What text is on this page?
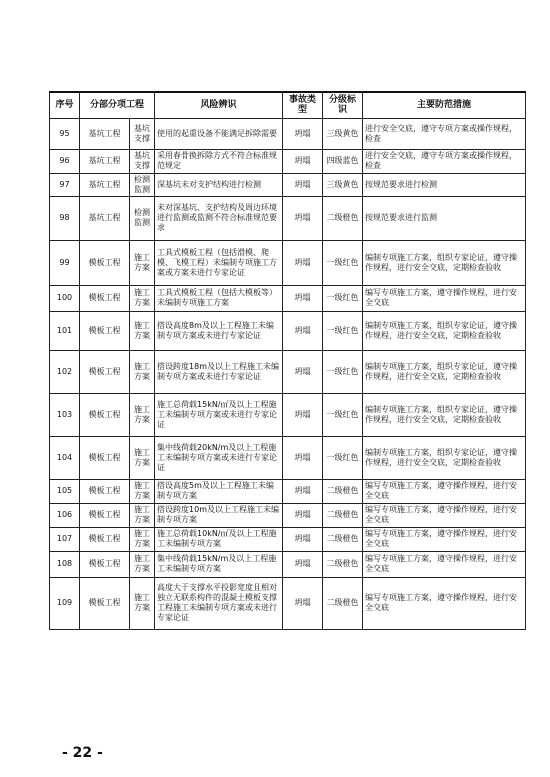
序号	分部分项工程		风险辨识	事故类型	分级标识	主要防范措施
95	基坑工程	基坑支撑	使用的起重设备不能满足拆除需要	坍塌	三级黄色	进行安全交底，遵守专项方案或操作规程，检查
96	基坑工程	基坑支撑	采用春骨换拆除方式不符合标准规范规定	坍塌	四级蓝色	进行安全交底，遵守专项方案或操作规程，检查
97	基坑工程	检测监测	深基坑未对支护结构进行检测	坍塌	三级黄色	按规范要求进行检测
98	基坑工程	检测监测	未对深基坑、支护结构及周边环境进行监测或监测不符合标准规范要求	坍塌	二级橙色	按规范要求进行监测
99	模板工程	施工方案	工具式模板工程（包括滑模、爬模、飞模工程）未编制专项施工方案或方案未进行专家论证	坍塌	一级红色	编制专项施工方案，组织专家论证，遵守操作规程，进行安全交底，定期检查验收
100	模板工程	施工方案	工具式模板工程（包括大模板等）未编制专项施工方案	坍塌	一级红色	编写专项施工方案，遵守操作规程，进行安全交底
101	模板工程	施工方案	搭设高度8m及以上工程施工未编制专项方案或未进行专家论证	坍塌	一级红色	编制专项施工方案，组织专家论证，遵守操作规程，进行安全交底，定期检查验收
102	模板工程	施工方案	搭设跨度18m及以上工程施工未编制专项方案或未进行专家论证	坍塌	一级红色	编制专项施工方案，组织专家论证，遵守操作规程，进行安全交底，定期检查验收
103	模板工程	施工方案	施工总荷载15kN/㎡及以上工程施工未编制专项方案或未进行专家论证	坍塌	一级红色	编制专项施工方案，组织专家论证，遵守操作规程，进行安全交底，定期检查验收
104	模板工程	施工方案	集中线荷载20kN/m及以上工程施工未编制专项方案或未进行专家论证	坍塌	一级红色	编制专项施工方案，组织专家论证，遵守操作规程，进行安全交底，定期检查验收
105	模板工程	施工方案	搭设高度5m及以上工程施工未编制专项方案	坍塌	二级橙色	编写专项施工方案，遵守操作规程，进行安全交底
106	模板工程	施工方案	搭设跨度10m及以上工程施工未编制专项方案	坍塌	二级橙色	编写专项施工方案，遵守操作规程，进行安全交底
107	模板工程	施工方案	施工总荷载10kN/㎡及以上工程施工未编制专项方案	坍塌	二级橙色	编写专项施工方案，遵守操作规程，进行安全交底
108	模板工程	施工方案	集中线荷载15kN/m及以上工程施工未编制专项方案	坍塌	二级橙色	编写专项施工方案，遵守操作规程，进行安全交底
109	模板工程	施工方案	高度大于支撑水平投影宽度且相对独立无联系构件的混凝土模板支撑工程施工未编制专项方案或未进行专家论证	坍塌	二级橙色	编写专项施工方案，遵守操作规程，进行安全交底
- 22 -
